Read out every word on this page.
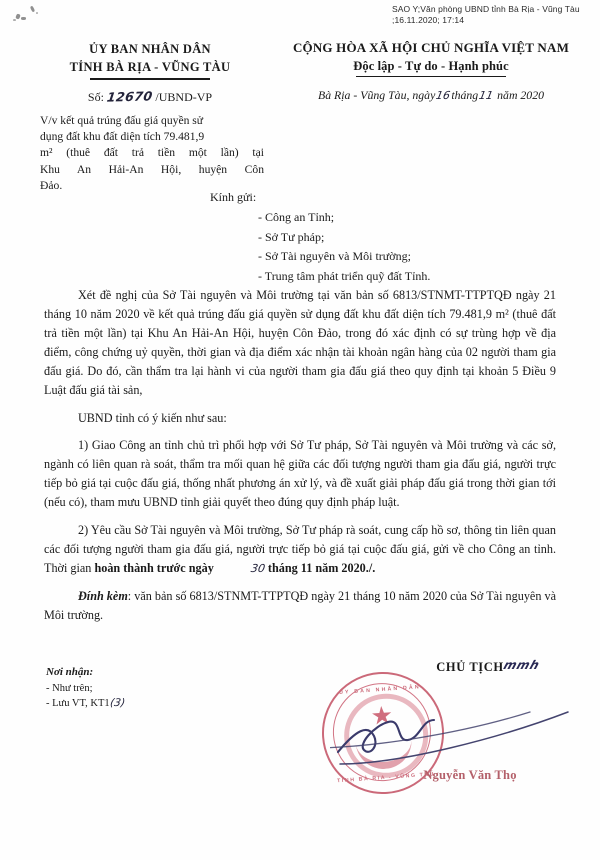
SAO Y;Văn phòng UBND tỉnh Bà Rịa - Vũng Tàu
;16.11.2020; 17:14
ỦY BAN NHÂN DÂN
TỈNH BÀ RỊA - VŨNG TÀU
Số: 12670 /UBND-VP
V/v kết quả trúng đấu giá quyền sử
dụng đất khu đất diện tích 79.481,9
m² (thuê đất trả tiền một lần) tại
Khu An Hải-An Hội, huyện Côn
Đảo.
CỘNG HÒA XÃ HỘI CHỦ NGHĨA VIỆT NAM
Độc lập - Tự do - Hạnh phúc
Bà Rịa - Vũng Tàu, ngày16tháng11 năm 2020
Kính gửi:
- Công an Tỉnh;
- Sở Tư pháp;
- Sở Tài nguyên và Môi trường;
- Trung tâm phát triển quỹ đất Tỉnh.

Xét đề nghị của Sở Tài nguyên và Môi trường tại văn bản số 6813/STNMT-TTPTQĐ ngày 21 tháng 10 năm 2020 về kết quả trúng đấu giá quyền sử dụng đất khu đất diện tích 79.481,9 m² (thuê đất trả tiền một lần) tại Khu An Hải-An Hội, huyện Côn Đảo, trong đó xác định có sự trùng hợp về địa điểm, công chứng uỷ quyền, thời gian và địa điểm xác nhận tài khoản ngân hàng của 02 người tham gia đấu giá. Do đó, cần thẩm tra lại hành vi của người tham gia đấu giá theo quy định tại khoản 5 Điều 9 Luật đấu giá tài sản,

UBND tỉnh có ý kiến như sau:

1) Giao Công an tỉnh chủ trì phối hợp với Sở Tư pháp, Sở Tài nguyên và Môi trường và các sở, ngành có liên quan rà soát, thẩm tra mối quan hệ giữa các đối tượng người tham gia đấu giá, người trực tiếp bỏ giá tại cuộc đấu giá, thống nhất phương án xử lý, và đề xuất giải pháp đấu giá trong thời gian tới (nếu có), tham mưu UBND tỉnh giải quyết theo đúng quy định pháp luật.

2) Yêu cầu Sở Tài nguyên và Môi trường, Sở Tư pháp rà soát, cung cấp hồ sơ, thông tin liên quan các đối tượng người tham gia đấu giá, người trực tiếp bỏ giá tại cuộc đấu giá, gửi về cho Công an tỉnh. Thời gian hoàn thành trước ngày	30 tháng 11 năm 2020./.

Đính kèm: văn bản số 6813/STNMT-TTPTQĐ ngày 21 tháng 10 năm 2020 của Sở Tài nguyên và Môi trường.

Nơi nhận:
- Như trên;
- Lưu VT, KT1(3)
ỦY BAN NHÂN DÂN
★
TỈNH BÀ RỊA - VŨNG TÀU
CHỦ TỊCH
mmh
Nguyễn Văn Thọ
